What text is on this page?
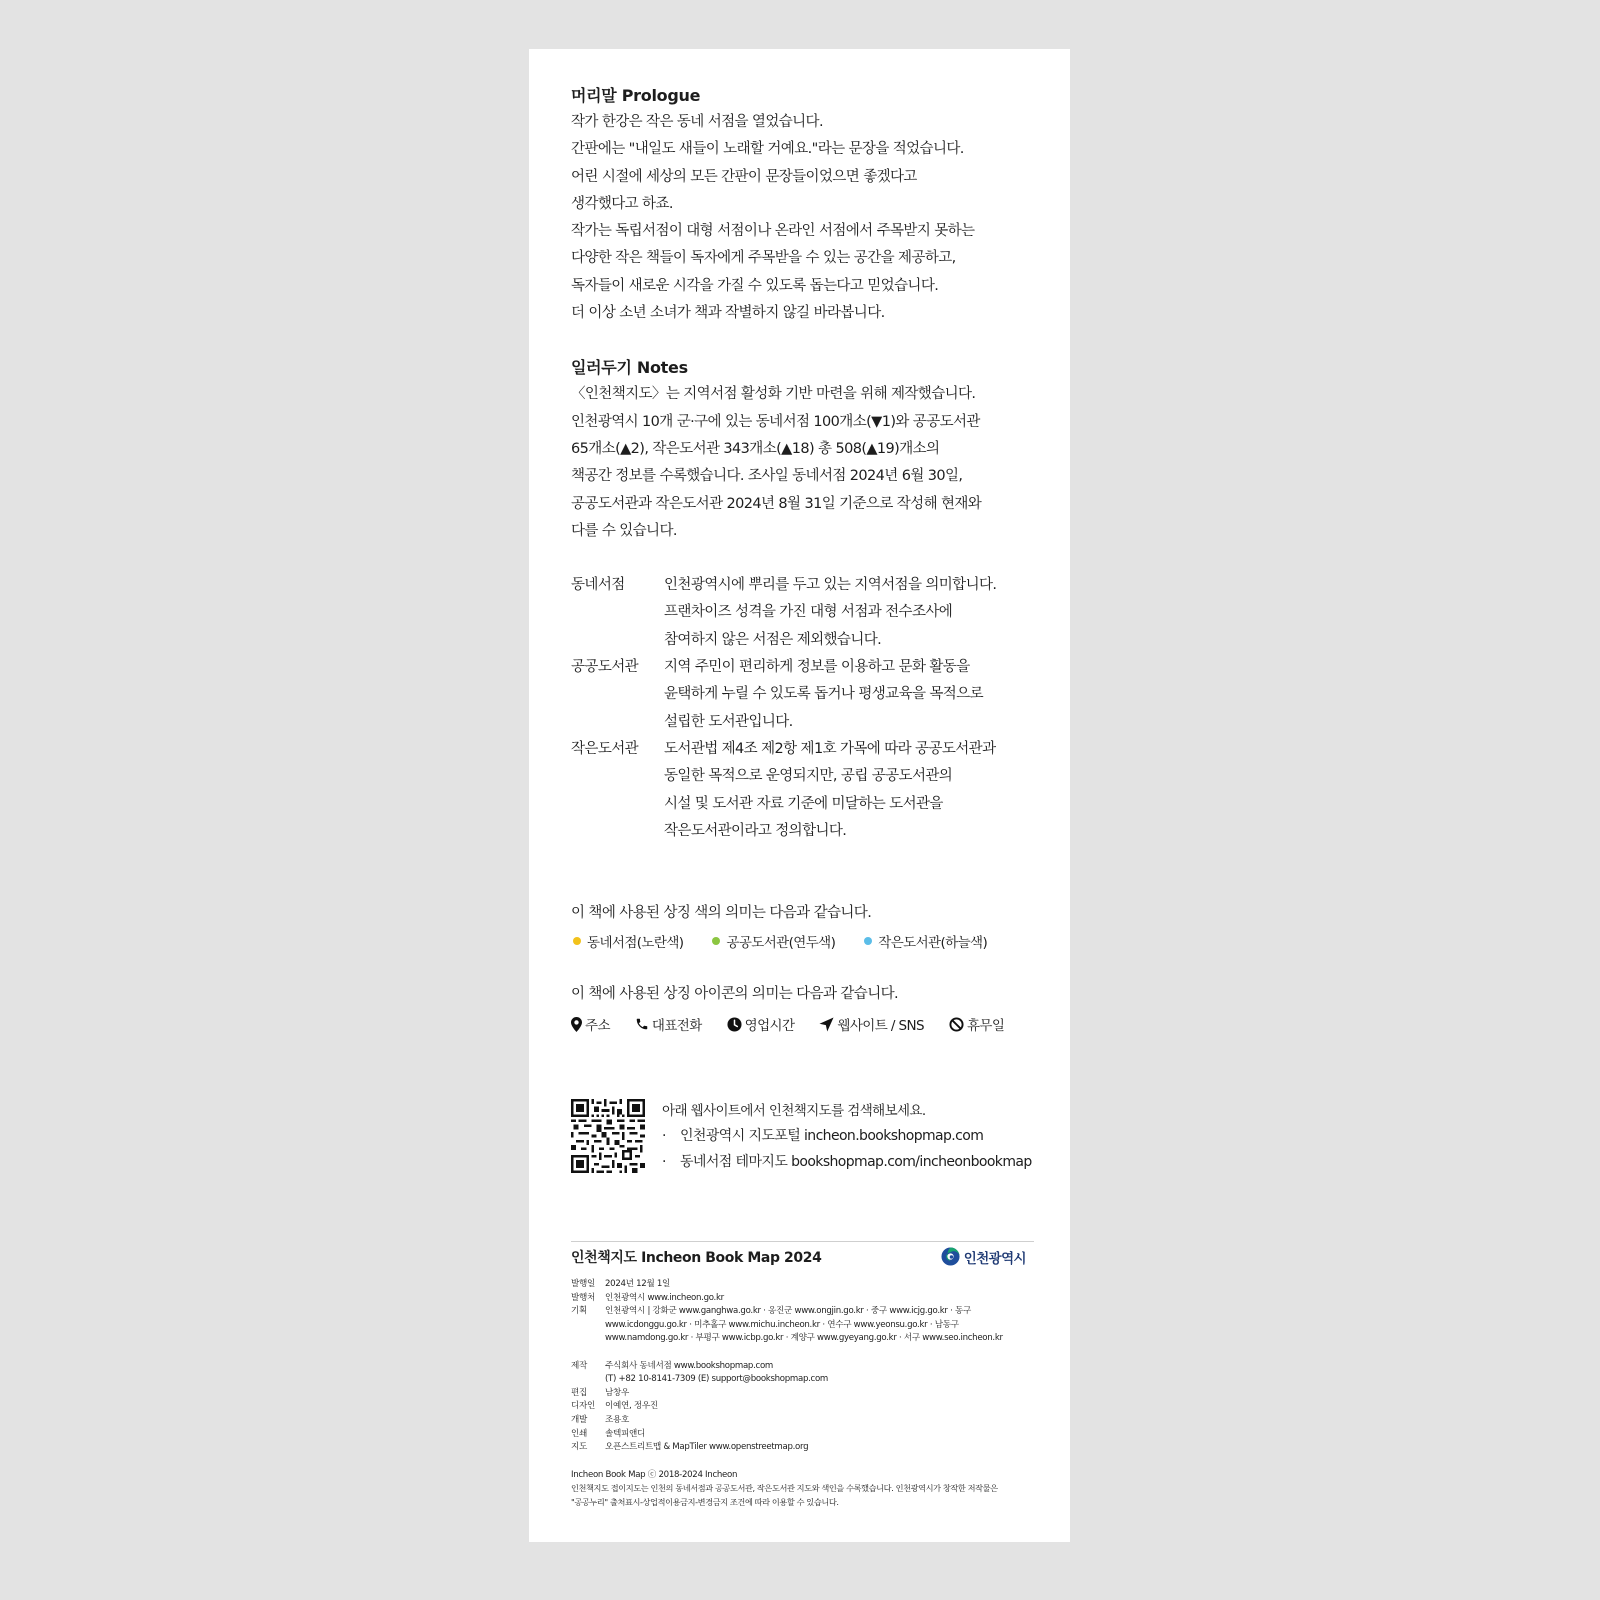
머리말 Prologue
작가 한강은 작은 동네 서점을 열었습니다.
간판에는 "내일도 새들이 노래할 거예요."라는 문장을 적었습니다.
어린 시절에 세상의 모든 간판이 문장들이었으면 좋겠다고
생각했다고 하죠.
작가는 독립서점이 대형 서점이나 온라인 서점에서 주목받지 못하는
다양한 작은 책들이 독자에게 주목받을 수 있는 공간을 제공하고,
독자들이 새로운 시각을 가질 수 있도록 돕는다고 믿었습니다.
더 이상 소년 소녀가 책과 작별하지 않길 바라봅니다.
일러두기 Notes
〈인천책지도〉는 지역서점 활성화 기반 마련을 위해 제작했습니다.
인천광역시 10개 군·구에 있는 동네서점 100개소(▼1)와 공공도서관
65개소(▲2), 작은도서관 343개소(▲18) 총 508(▲19)개소의
책공간 정보를 수록했습니다. 조사일 동네서점 2024년 6월 30일,
공공도서관과 작은도서관 2024년 8월 31일 기준으로 작성해 현재와
다를 수 있습니다.
동네서점	인천광역시에 뿌리를 두고 있는 지역서점을 의미합니다.
프랜차이즈 성격을 가진 대형 서점과 전수조사에
참여하지 않은 서점은 제외했습니다.
공공도서관	지역 주민이 편리하게 정보를 이용하고 문화 활동을
윤택하게 누릴 수 있도록 돕거나 평생교육을 목적으로
설립한 도서관입니다.
작은도서관	도서관법 제4조 제2항 제1호 가목에 따라 공공도서관과
동일한 목적으로 운영되지만, 공립 공공도서관의
시설 및 도서관 자료 기준에 미달하는 도서관을
작은도서관이라고 정의합니다.
이 책에 사용된 상징 색의 의미는 다음과 같습니다.
동네서점(노란색)	공공도서관(연두색)	작은도서관(하늘색)
이 책에 사용된 상징 아이콘의 의미는 다음과 같습니다.
주소	대표전화	영업시간	웹사이트 / SNS	휴무일
아래 웹사이트에서 인천책지도를 검색해보세요.
· 인천광역시 지도포털 incheon.bookshopmap.com
· 동네서점 테마지도 bookshopmap.com/incheonbookmap
인천책지도 Incheon Book Map 2024	인천광역시
발행일	2024년 12월 1일
발행처	인천광역시 www.incheon.go.kr
기획	인천광역시 | 강화군 www.ganghwa.go.kr · 옹진군 www.ongjin.go.kr · 중구 www.icjg.go.kr · 동구
www.icdonggu.go.kr · 미추홀구 www.michu.incheon.kr · 연수구 www.yeonsu.go.kr · 남동구
www.namdong.go.kr · 부평구 www.icbp.go.kr · 계양구 www.gyeyang.go.kr · 서구 www.seo.incheon.kr
제작	주식회사 동네서점 www.bookshopmap.com
(T) +82 10-8141-7309 (E) support@bookshopmap.com
편집	남창우
디자인	이예연, 정우진
개발	조용호
인쇄	솔텍피앤디
지도	오픈스트리트맵 & MapTiler www.openstreetmap.org
Incheon Book Map ⓒ 2018-2024 Incheon
인천책지도 접이지도는 인천의 동네서점과 공공도서관, 작은도서관 지도와 색인을 수록했습니다. 인천광역시가 창작한 저작물은
"공공누리" 출처표시-상업적이용금지-변경금지 조건에 따라 이용할 수 있습니다.
